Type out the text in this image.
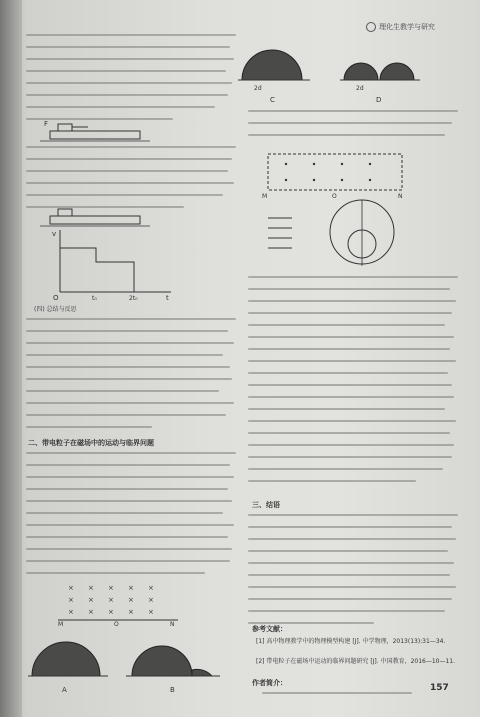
理化生教学与研究
F
v
t
O	t₀	2t₀
(四) 总结与反思
二、带电粒子在磁场中的运动与临界问题
× × × × ×
× × × × ×
× × × × ×
M	O	N
A	B
2d	2d
C	D
M	O	N
三、结语
参考文献：
[1] 高中物理教学中的物理模型构建 [J]. 中学物理，2013(13):31—34.
[2] 带电粒子在磁场中运动的临界问题研究 [J]. 中国教育，2016—10—11.
作者简介：	157
